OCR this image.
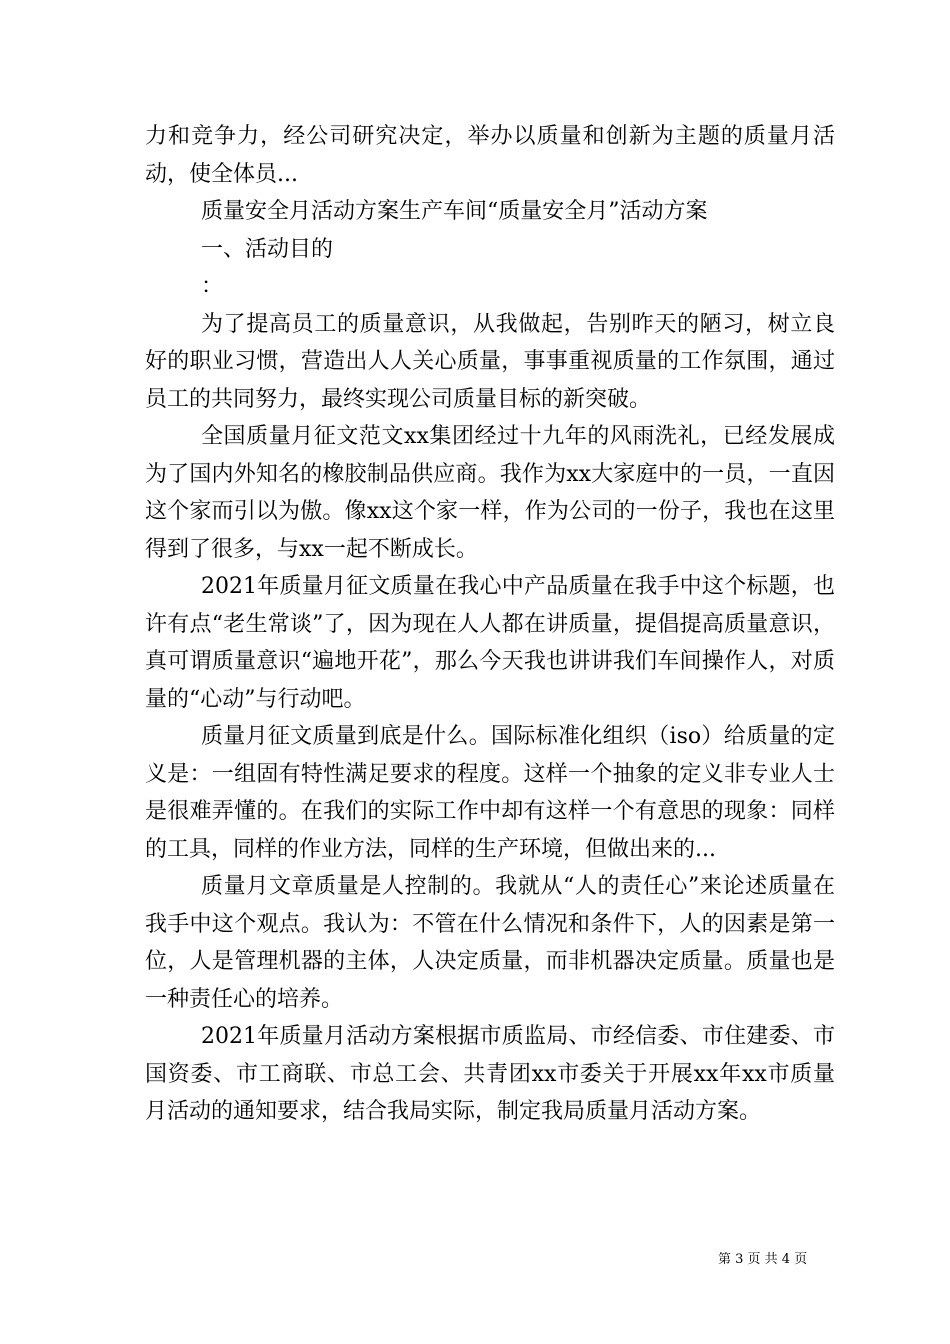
力和竞争力，经公司研究决定，举办以质量和创新为主题的质量月活动，使全体员...

质量安全月活动方案生产车间“质量安全月”活动方案

一、活动目的

：

为了提高员工的质量意识，从我做起，告别昨天的陋习，树立良好的职业习惯，营造出人人关心质量，事事重视质量的工作氛围，通过员工的共同努力，最终实现公司质量目标的新突破。

全国质量月征文范文xx集团经过十九年的风雨洗礼，已经发展成为了国内外知名的橡胶制品供应商。我作为xx大家庭中的一员，一直因这个家而引以为傲。像xx这个家一样，作为公司的一份子，我也在这里得到了很多，与xx一起不断成长。

2021年质量月征文质量在我心中产品质量在我手中这个标题，也许有点“老生常谈”了，因为现在人人都在讲质量，提倡提高质量意识，真可谓质量意识“遍地开花”，那么今天我也讲讲我们车间操作人，对质量的“心动”与行动吧。

质量月征文质量到底是什么。国际标准化组织（iso）给质量的定义是：一组固有特性满足要求的程度。这样一个抽象的定义非专业人士是很难弄懂的。在我们的实际工作中却有这样一个有意思的现象：同样的工具，同样的作业方法，同样的生产环境，但做出来的...

质量月文章质量是人控制的。我就从“人的责任心”来论述质量在我手中这个观点。我认为：不管在什么情况和条件下，人的因素是第一位，人是管理机器的主体，人决定质量，而非机器决定质量。质量也是一种责任心的培养。

2021年质量月活动方案根据市质监局、市经信委、市住建委、市国资委、市工商联、市总工会、共青团xx市委关于开展xx年xx市质量月活动的通知要求，结合我局实际，制定我局质量月活动方案。

第 3 页 共 4 页
